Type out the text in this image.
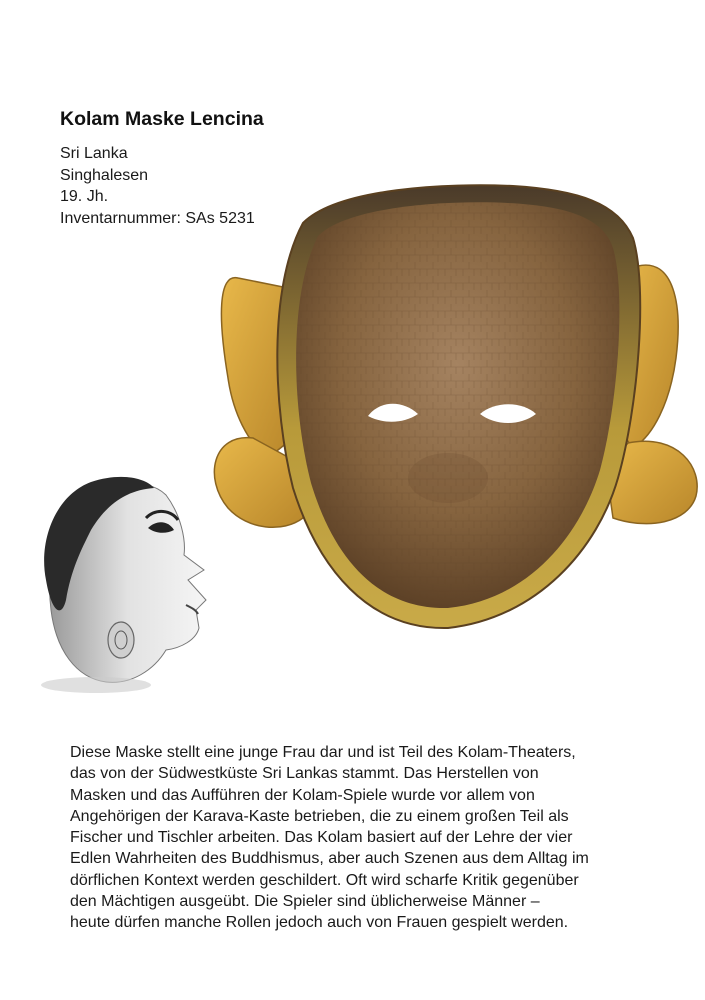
Kolam Maske Lencina

Sri Lanka

Singhalesen

19. Jh.

Inventarnummer: SAs 5231

Diese Maske stellt eine junge Frau dar und ist Teil des Kolam-Theaters,
das von der Südwestküste Sri Lankas stammt. Das Herstellen von
Masken und das Aufführen der Kolam-Spiele wurde vor allem von
Angehörigen der Karava-Kaste betrieben, die zu einem großen Teil als
Fischer und Tischler arbeiten. Das Kolam basiert auf der Lehre der vier
Edlen Wahrheiten des Buddhismus, aber auch Szenen aus dem Alltag im
dörflichen Kontext werden geschildert. Oft wird scharfe Kritik gegenüber
den Mächtigen ausgeübt. Die Spieler sind üblicherweise Männer –
heute dürfen manche Rollen jedoch auch von Frauen gespielt werden.
